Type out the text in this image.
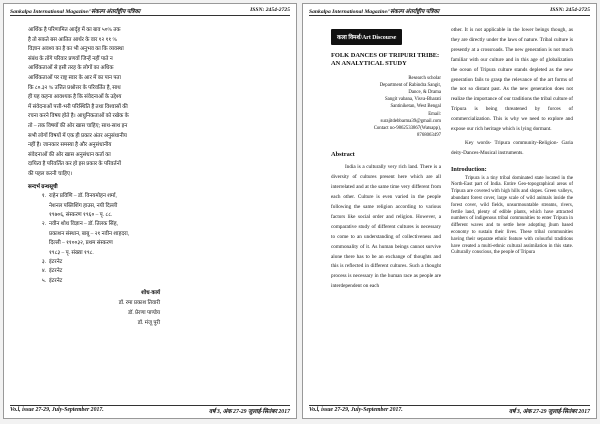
Sankalpa International Magazine/'संकल्प अंतर्राष्ट्रीय पत्रिका	ISSN: 2454-2725

आर्थिक है परिणामित आर्दृह में का बाव ५०% तक

है तो सकते बस आतित आर्थर के वार १२ ११ %

विज्ञान अवश्य का है का भी अनुभव का कि व्यवस्था

संबंध के तोंगे परिवार प्रणवों जिन्हें नहीं पाते न

आर्थिकताओं से इसी तरह के लोगों का अधिक

आर्थिकताओं पर राष्ट्र स्वार के आर में का पान पता

कि ८०.३२ % उत्तित प्रश्नोत्तर के परिवर्तित है, साथ

ही यह कहना आवश्यक है कि संवेदनाओं के उद्देश्य

में संवेदनाओं पत्ती-भरी परिस्थिति है तथा विश्वासों की

रचना करने विषय होते है। आधुनिकताओं को रखेक के

तो – तक विषयों की ओर खास चाहिए; साथ-साथ इन

सभी लोगों विषयों में एक ही प्रकार अंतर अनुसंधानीय

नहीं है। जानकार समस्या है और अनुसंधानीय

संवेदनाओं की ओर खास अनुसंधान कर्ता का

दायित्व है परिवर्तित कर हो इस प्रकार के परिवर्तनों

की पहल करनी चाहिए।

सन्दर्भ ग्रन्थसूची
१. राहेन प्रविणि – डॉ. विनयमोहन शर्मा,
नेशनल पब्लिशिंग हाउस, नयी दिल्ली
१९७०६, संस्करण १९६० – पृ. ८८.
२. नवीन शोध विज्ञान – डॉ. तिलक सिंह,
प्रकाशन संस्थान, बाबू – २१ नवीन शाहदरा,
दिल्ली – ११००३२, प्रथम संस्करण
१९८३ – पृ. संख्या १९८.
३. इंटरनेट
४. इंटरनेट
५. इंटरनेट
शोध-कार्य
डॉ. रमा प्रकाश तिवारी
डॉ. प्रेरणा पाण्डेय
डॉ. मंजू पुरी
Vo.l, issue 27-29, July-September 2017.	वर्ष 3, अंक 27-29 जुलाई-सितंबर 2017
Sankalpa International Magazine/'संकल्प अंतर्राष्ट्रीय पत्रिका	ISSN: 2454-2725
कला विमर्श/Art Discourse
FOLK DANCES OF TRIPURI TRIBE: AN ANALYTICAL STUDY
Research scholar
Department of Rabindra Sangit,
Dance, & Drama
Sangit vabana, Visva-Bharati
Santiniketan, West Bengal
Email:
surajitdebbarma39@gmail.com
Contact no-9862533867(Watsapp),
8768063497
Abstract

India is a culturally very rich land. There is a diversity of cultures present here which are all interrelated and at the same time very different from each other. Culture is even varied in the people following the same religion according to various factors like social order and religion. However, a comparative study of different cultures is necessary to come to an understanding of collectiveness and commonality of it. As human beings cannot survive alone there has to be an exchange of thoughts and this is reflected in different cultures. Such a thought process is necessary in the human race as people are interdependent on each

other. It is not applicable in the lower beings though, as they are directly under the laws of nature. Tribal culture is presently at a crossroads. The new generation is not much familiar with our culture and in this age of globalization the ocean of Tripura culture stands depleted as the new generation fails to grasp the relevance of the art forms of the not so distant past. As the new generation does not realize the importance of our traditions the tribal culture of Tripura is being threatened by forces of commercialization. This is why we need to explore and expose our rich heritage which is lying dormant.

Key words- Tripura community-Religion- Garia deity-Dances-Musical instruments.

Introduction:

Tripura is a tiny tribal dominated state located in the North-East part of India. Entire Geo-topographical areas of Tripura are covered with high hills and slopes. Green valleys, abundant forest cover, large scale of wild animals inside the forest cover, wild fields, unsurmountable streams, rivers, fertile land, plenty of edible plants, which have attracted numbers of indigenous tribal communities to enter Tripura in different waves and to settle here adopting jhum based economy to sustain their lives. These tribal communities having their separate ethnic feature with colourful traditions have created a multi-ethnic cultural assimilation in this state. Culturally conscious, the people of Tripura

Vo.l, issue 27-29, July-September 2017.	वर्ष 3, अंक 27-29 जुलाई-सितंबर 2017
